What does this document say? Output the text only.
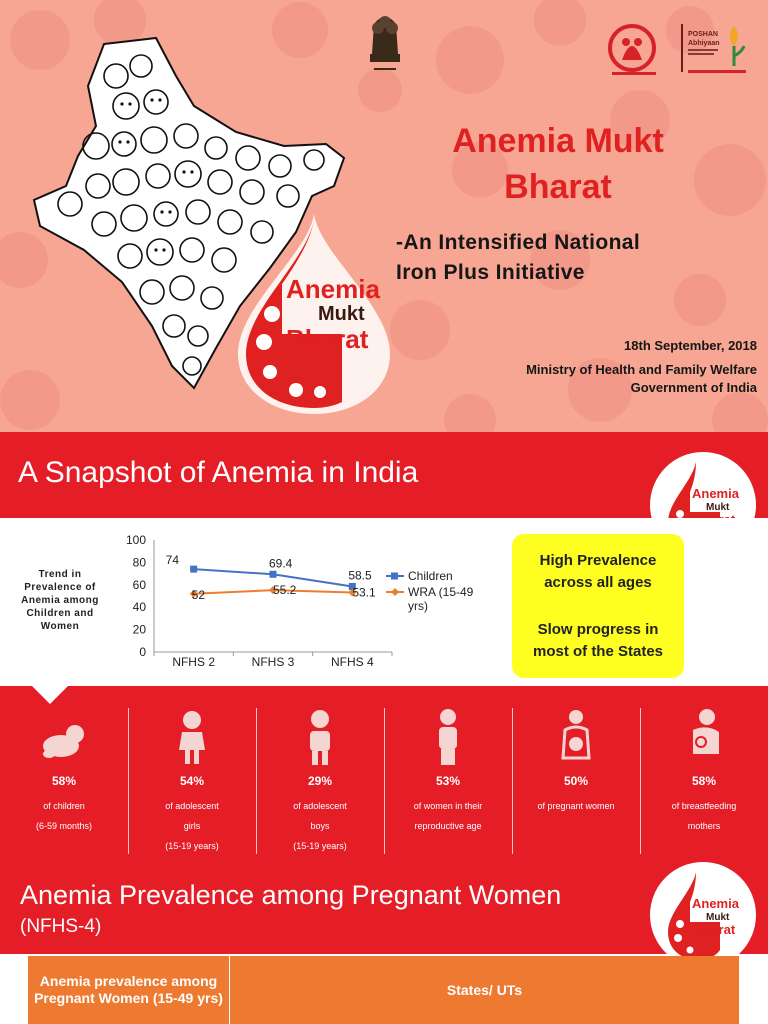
POSHAN
Abhiyaan
Anemia
Mukt
Bharat
Anemia Mukt
Bharat
-An Intensified National
Iron Plus Initiative
18th September, 2018
Ministry of Health and Family Welfare
Government of India
A Snapshot of Anemia in India
Anemia
Mukt
Trend in
Prevalence of
Anemia among
Children and
Women
0
20
40
60
80
100
NFHS 2	NFHS 3	NFHS 4
74	69.4
58.5
52	55.2	53.1
Children
WRA (15-49
yrs)

High Prevalence
across all ages

Slow progress in
most of the States

58%
of children
(6-59 months)
54%
of adolescent
girls
(15-19 years)
29%
of adolescent
boys
(15-19 years)
53%
of women in their
reproductive age
50%
of pregnant women
58%
of breastfeeding
mothers
Anemia Prevalence among Pregnant Women
(NFHS-4)
Anemia
Mukt
Bharat
Anemia prevalence among Pregnant Women (15-49 yrs)
States/ UTs
